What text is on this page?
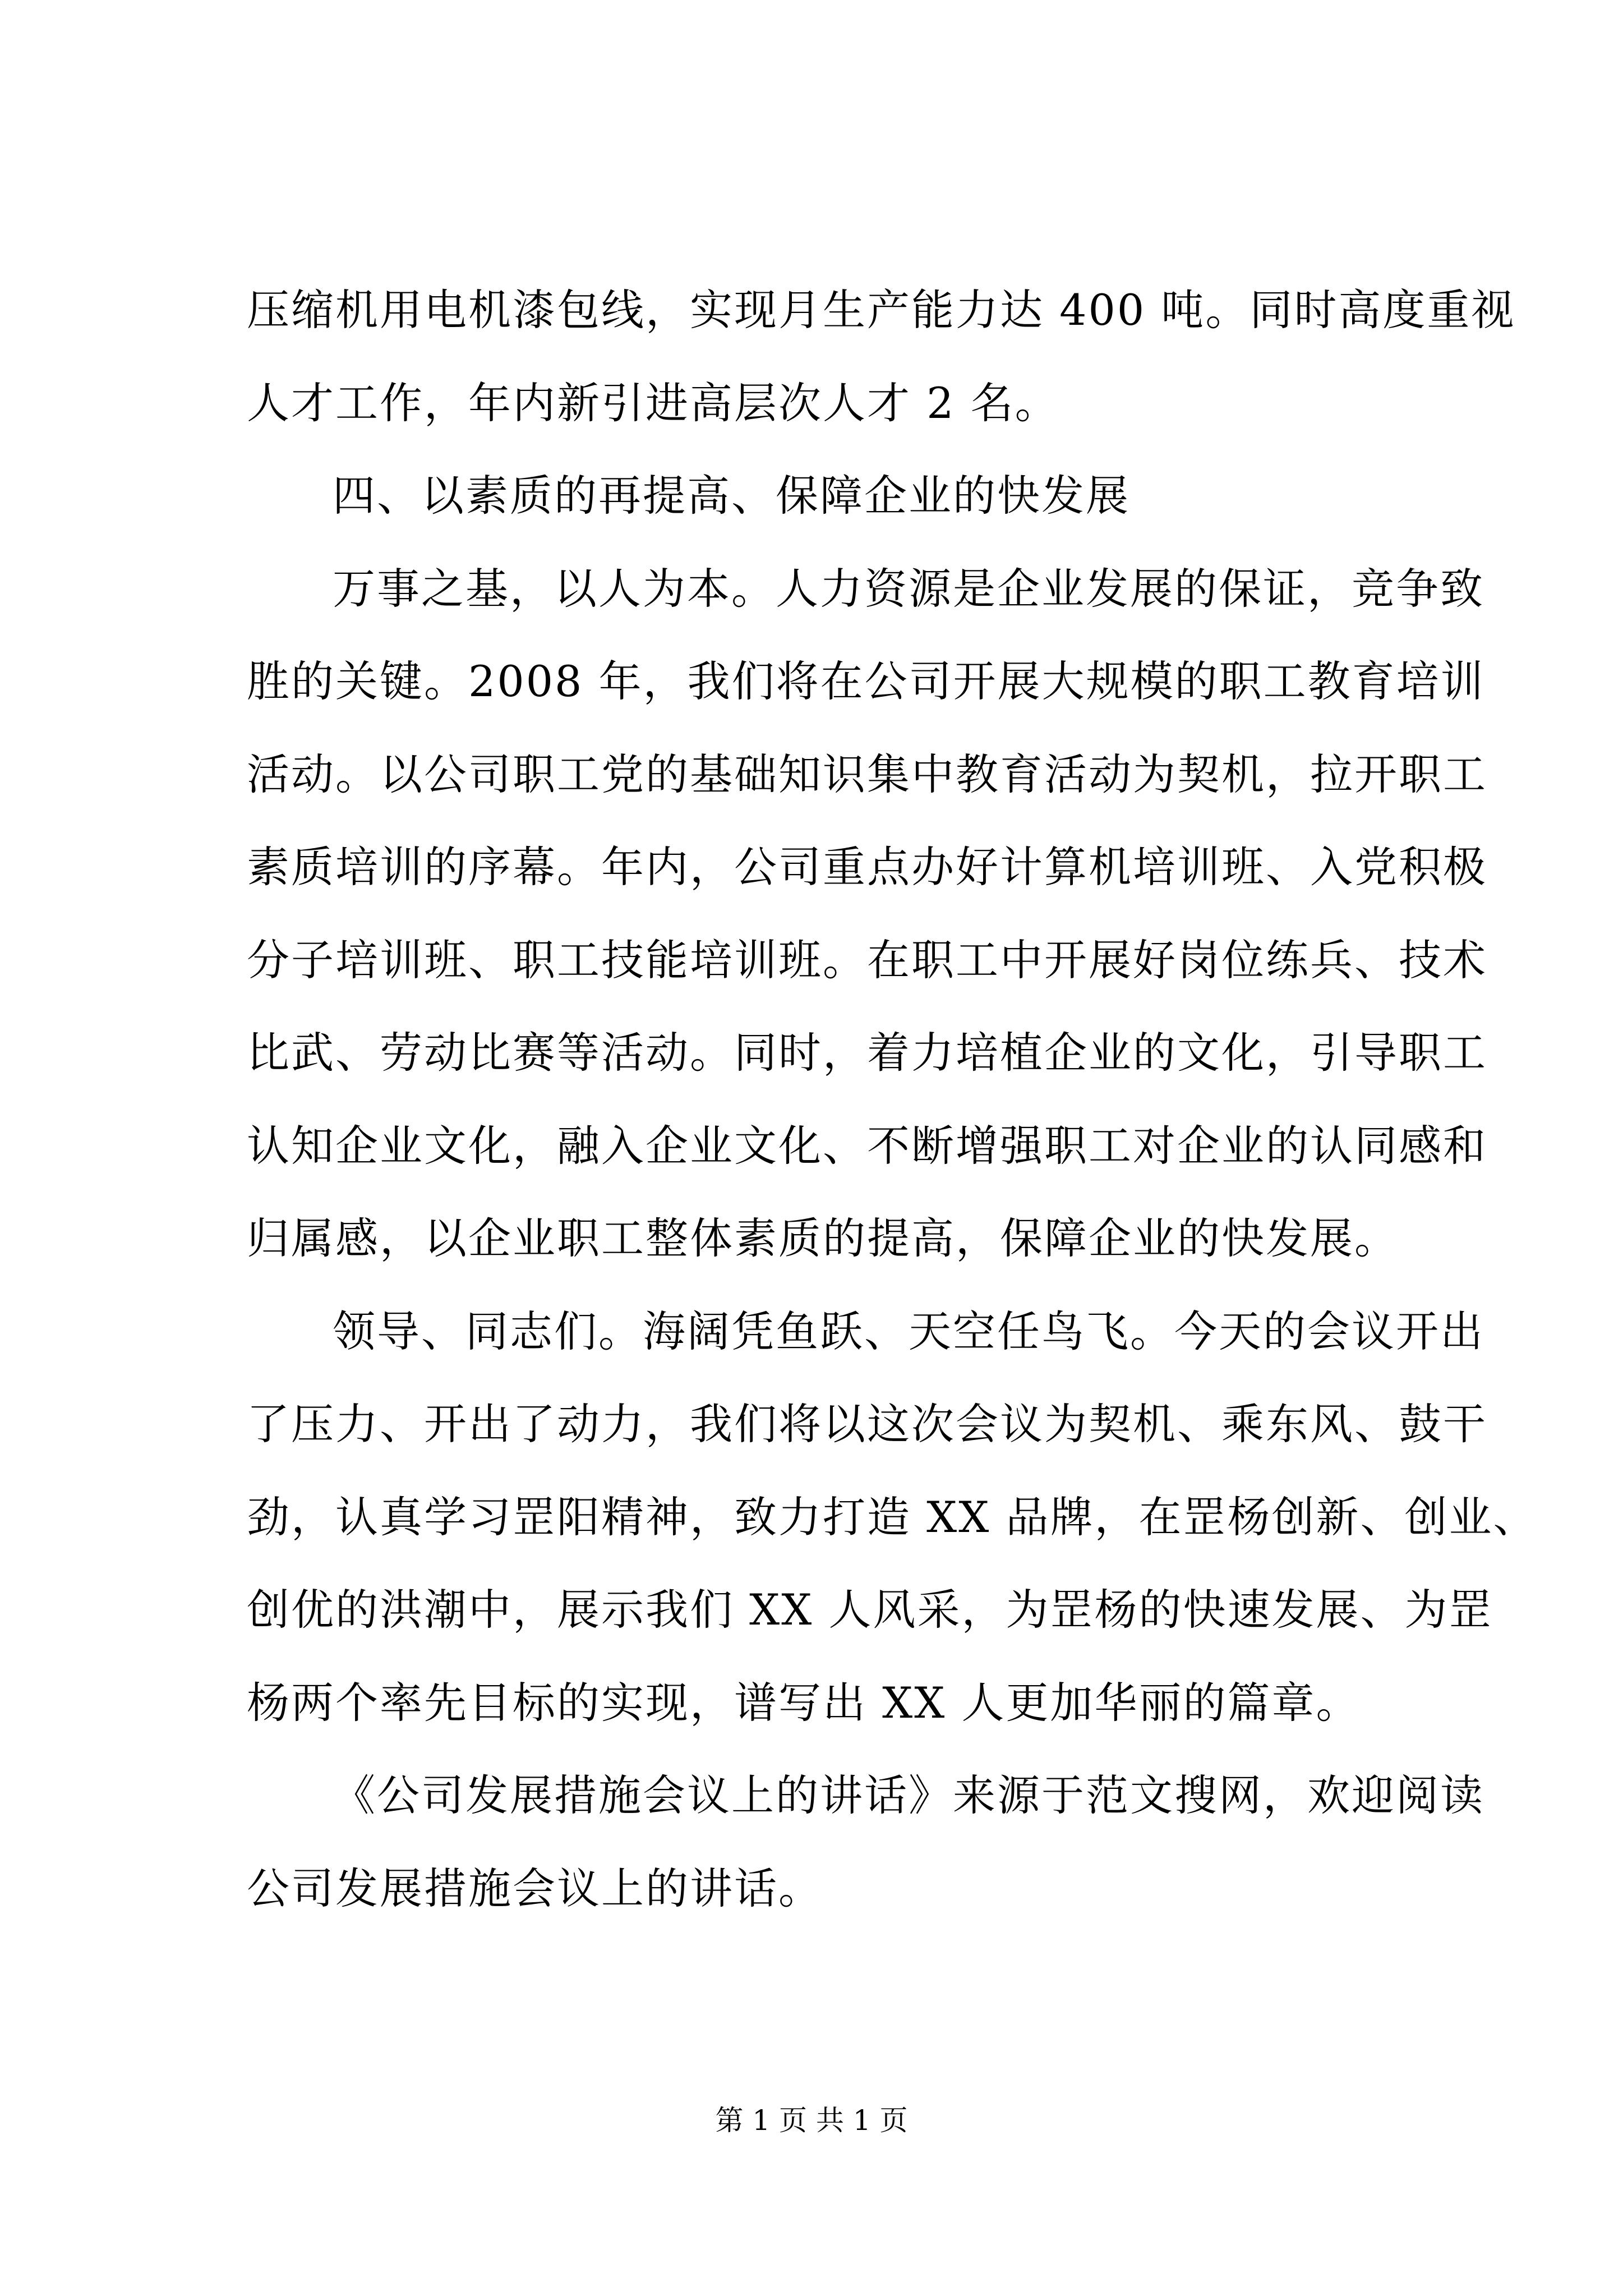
压缩机用电机漆包线，实现月生产能力达 400 吨。同时高度重视
人才工作，年内新引进高层次人才 2 名。
四、以素质的再提高、保障企业的快发展
万事之基，以人为本。人力资源是企业发展的保证，竞争致
胜的关键。2008 年，我们将在公司开展大规模的职工教育培训
活动。以公司职工党的基础知识集中教育活动为契机，拉开职工
素质培训的序幕。年内，公司重点办好计算机培训班、入党积极
分子培训班、职工技能培训班。在职工中开展好岗位练兵、技术
比武、劳动比赛等活动。同时，着力培植企业的文化，引导职工
认知企业文化，融入企业文化、不断增强职工对企业的认同感和
归属感，以企业职工整体素质的提高，保障企业的快发展。
领导、同志们。海阔凭鱼跃、天空任鸟飞。今天的会议开出
了压力、开出了动力，我们将以这次会议为契机、乘东风、鼓干
劲，认真学习罡阳精神，致力打造 XX 品牌，在罡杨创新、创业、
创优的洪潮中，展示我们 XX 人风采，为罡杨的快速发展、为罡
杨两个率先目标的实现，谱写出 XX 人更加华丽的篇章。
《公司发展措施会议上的讲话》来源于范文搜网，欢迎阅读
公司发展措施会议上的讲话。
第 1 页 共 1 页
